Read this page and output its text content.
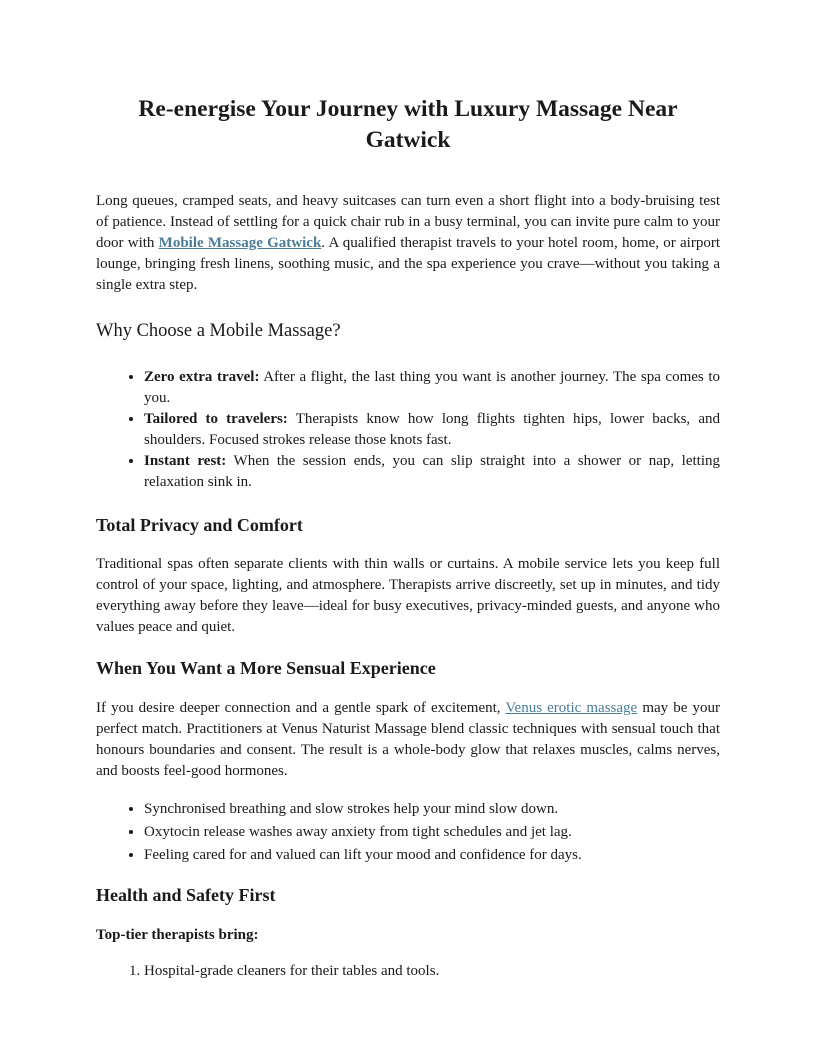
Re-energise Your Journey with Luxury Massage Near Gatwick

Long queues, cramped seats, and heavy suitcases can turn even a short flight into a body-bruising test of patience. Instead of settling for a quick chair rub in a busy terminal, you can invite pure calm to your door with Mobile Massage Gatwick. A qualified therapist travels to your hotel room, home, or airport lounge, bringing fresh linens, soothing music, and the spa experience you crave—without you taking a single extra step.

Why Choose a Mobile Massage?
• Zero extra travel: After a flight, the last thing you want is another journey. The spa comes to you.
• Tailored to travelers: Therapists know how long flights tighten hips, lower backs, and shoulders. Focused strokes release those knots fast.
• Instant rest: When the session ends, you can slip straight into a shower or nap, letting relaxation sink in.
Total Privacy and Comfort

Traditional spas often separate clients with thin walls or curtains. A mobile service lets you keep full control of your space, lighting, and atmosphere. Therapists arrive discreetly, set up in minutes, and tidy everything away before they leave—ideal for busy executives, privacy-minded guests, and anyone who values peace and quiet.

When You Want a More Sensual Experience

If you desire deeper connection and a gentle spark of excitement, Venus erotic massage may be your perfect match. Practitioners at Venus Naturist Massage blend classic techniques with sensual touch that honours boundaries and consent. The result is a whole-body glow that relaxes muscles, calms nerves, and boosts feel-good hormones.

• Synchronised breathing and slow strokes help your mind slow down.
• Oxytocin release washes away anxiety from tight schedules and jet lag.
• Feeling cared for and valued can lift your mood and confidence for days.
Health and Safety First

Top-tier therapists bring:

1. Hospital-grade cleaners for their tables and tools.
